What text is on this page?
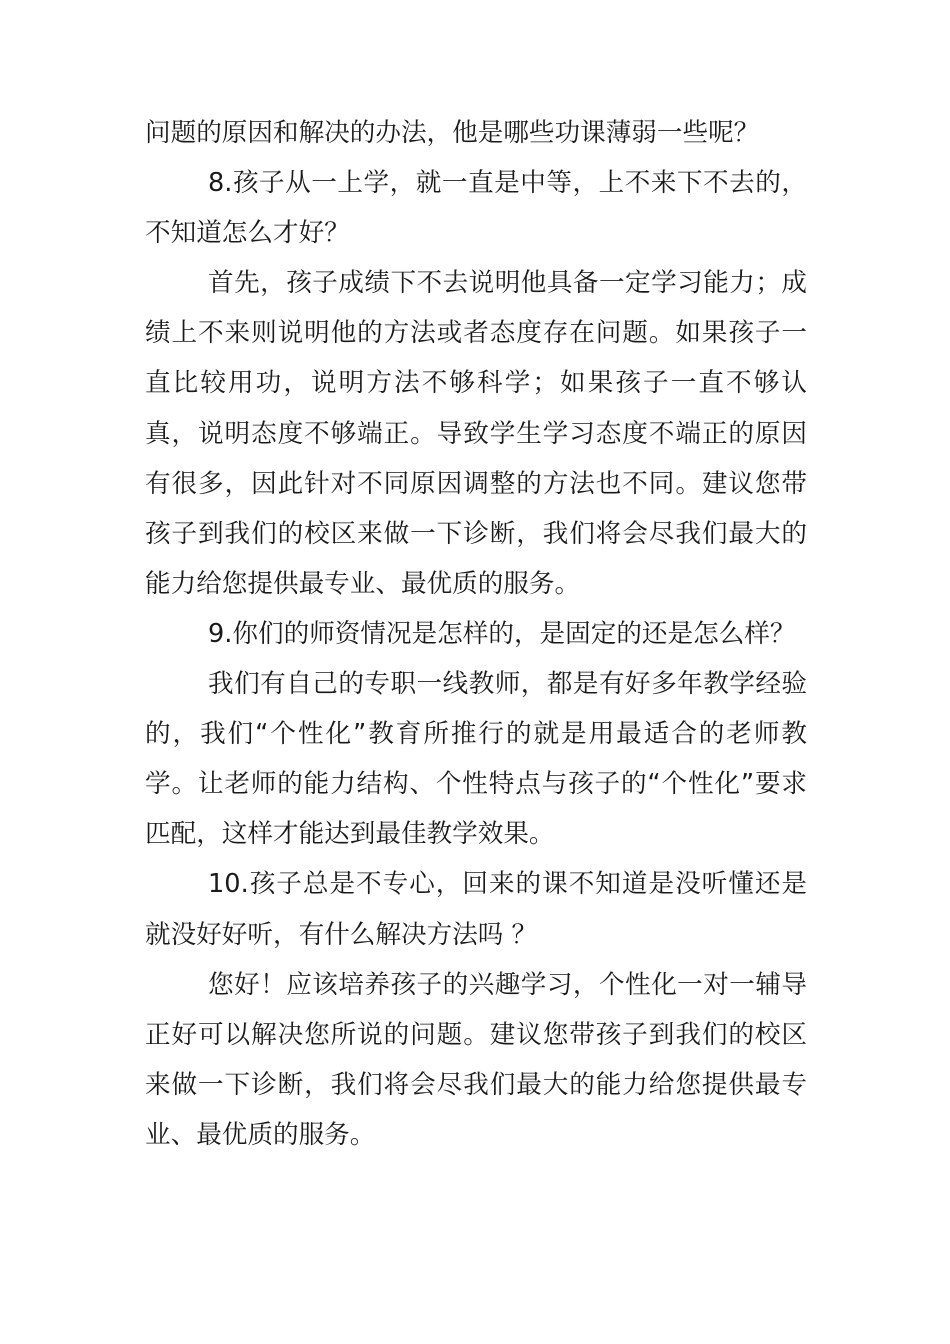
问题的原因和解决的办法，他是哪些功课薄弱一些呢？

8.孩子从一上学，就一直是中等，上不来下不去的，不知道怎么才好？

首先，孩子成绩下不去说明他具备一定学习能力；成绩上不来则说明他的方法或者态度存在问题。如果孩子一直比较用功，说明方法不够科学；如果孩子一直不够认真，说明态度不够端正。导致学生学习态度不端正的原因有很多，因此针对不同原因调整的方法也不同。建议您带孩子到我们的校区来做一下诊断，我们将会尽我们最大的能力给您提供最专业、最优质的服务。

9.你们的师资情况是怎样的，是固定的还是怎么样？

我们有自己的专职一线教师，都是有好多年教学经验的，我们“个性化”教育所推行的就是用最适合的老师教学。让老师的能力结构、个性特点与孩子的“个性化”要求匹配，这样才能达到最佳教学效果。

10.孩子总是不专心，回来的课不知道是没听懂还是就没好好听，有什么解决方法吗 ？

您好！应该培养孩子的兴趣学习，个性化一对一辅导正好可以解决您所说的问题。建议您带孩子到我们的校区来做一下诊断，我们将会尽我们最大的能力给您提供最专业、最优质的服务。
